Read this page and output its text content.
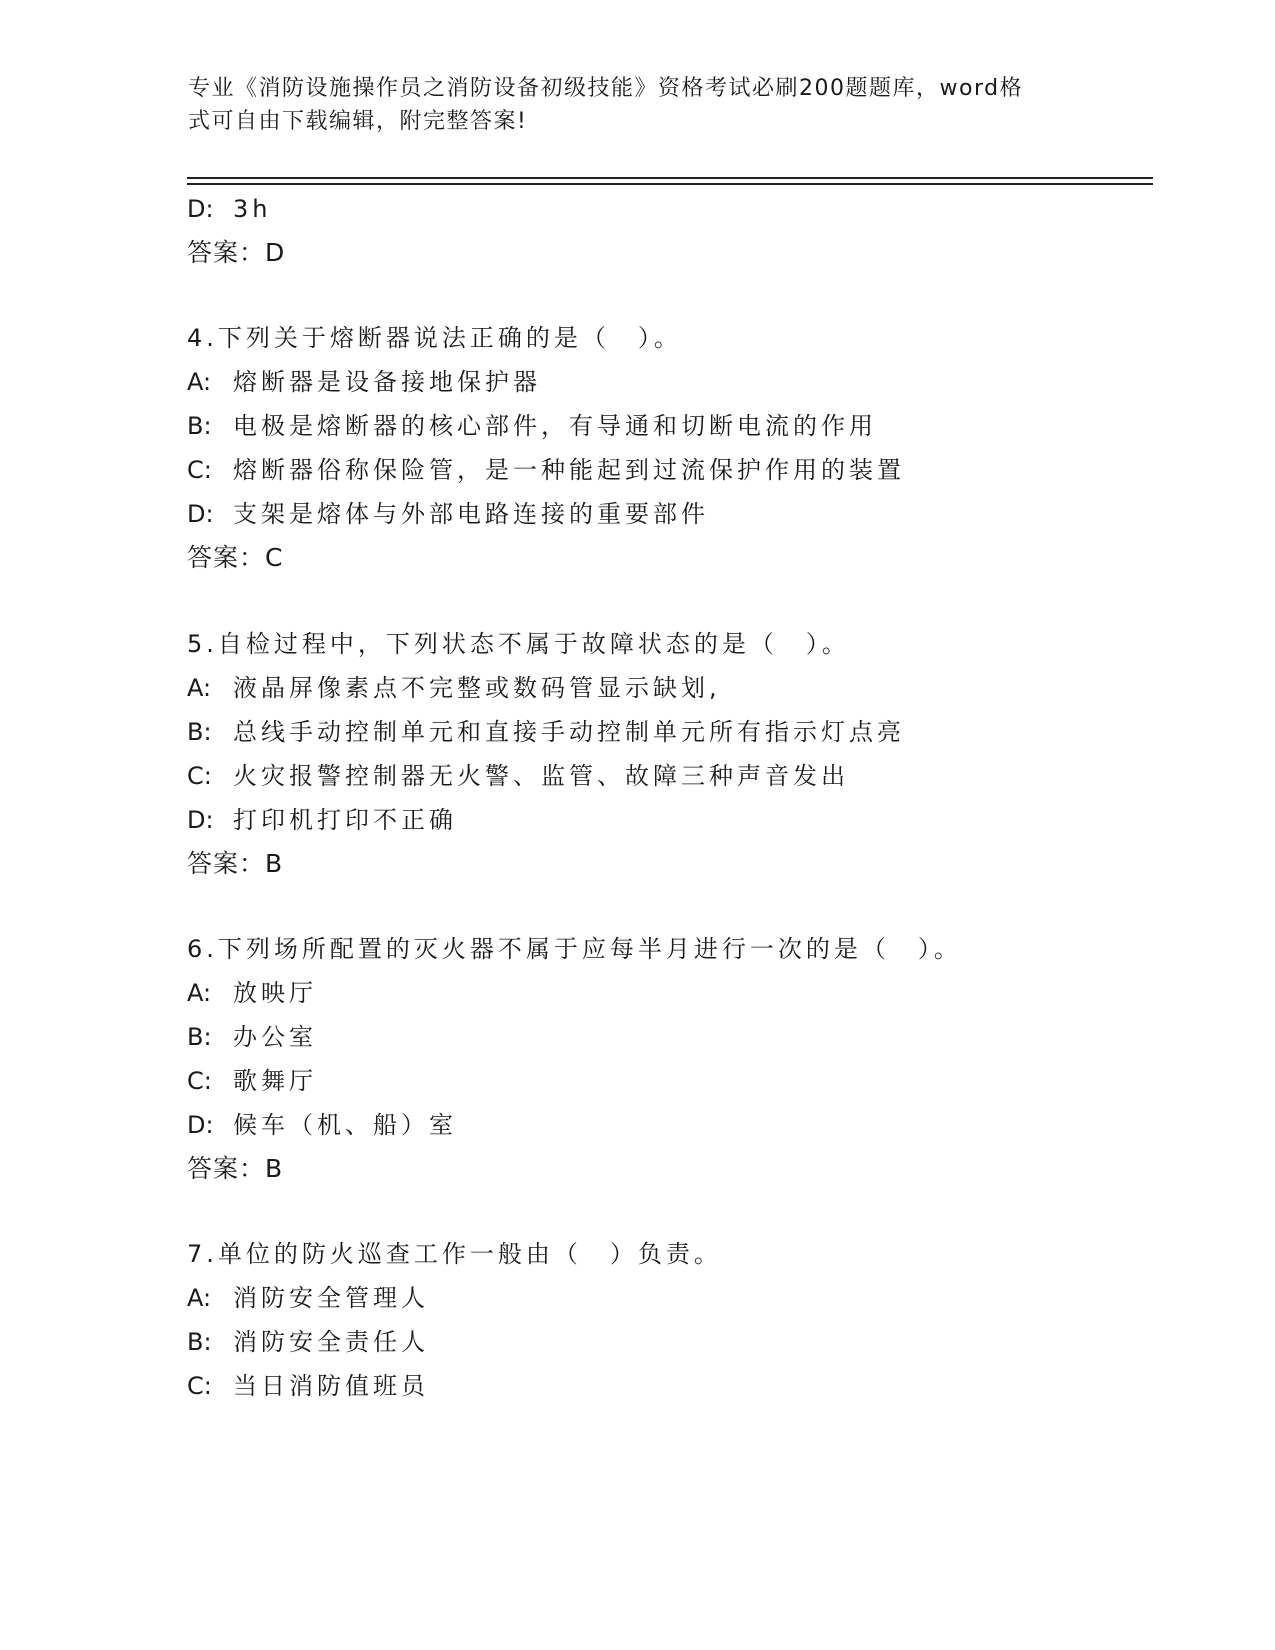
专业《消防设施操作员之消防设备初级技能》资格考试必刷200题题库，word格
式可自由下载编辑，附完整答案!
D: 3h
答案：D
4.下列关于熔断器说法正确的是（　）。
A: 熔断器是设备接地保护器
B: 电极是熔断器的核心部件，有导通和切断电流的作用
C: 熔断器俗称保险管，是一种能起到过流保护作用的装置
D: 支架是熔体与外部电路连接的重要部件
答案：C
5.自检过程中，下列状态不属于故障状态的是（　）。
A: 液晶屏像素点不完整或数码管显示缺划,
B: 总线手动控制单元和直接手动控制单元所有指示灯点亮
C: 火灾报警控制器无火警、监管、故障三种声音发出
D: 打印机打印不正确
答案：B
6.下列场所配置的灭火器不属于应每半月进行一次的是（　）。
A: 放映厅
B: 办公室
C: 歌舞厅
D: 候车（机、船）室
答案：B
7.单位的防火巡查工作一般由（　）负责。
A: 消防安全管理人
B: 消防安全责任人
C: 当日消防值班员
